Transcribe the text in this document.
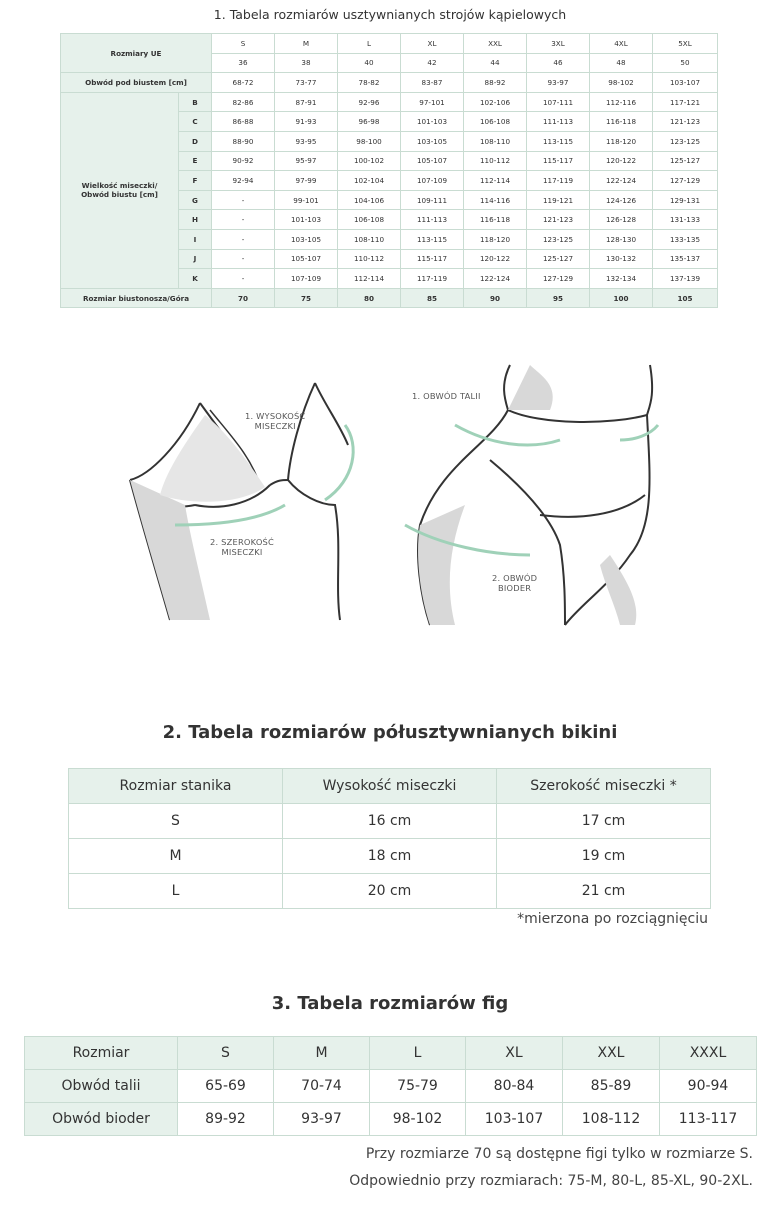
1. Tabela rozmiarów usztywnianych strojów kąpielowych
Rozmiary UE		S	M	L	XL	XXL	3XL	4XL	5XL
		36	38	40	42	44	46	48	50
Obwód pod biustem [cm]		68-72	73-77	78-82	83-87	88-92	93-97	98-102	103-107

Wielkość miseczki/
Obwód biustu [cm]	B	82-86	87-91	92-96	97-101	102-106	107-111	112-116	117-121
	C	86-88	91-93	96-98	101-103	106-108	111-113	116-118	121-123
	D	88-90	93-95	98-100	103-105	108-110	113-115	118-120	123-125
	E	90-92	95-97	100-102	105-107	110-112	115-117	120-122	125-127
	F	92-94	97-99	102-104	107-109	112-114	117-119	122-124	127-129
	G	-	99-101	104-106	109-111	114-116	119-121	124-126	129-131
	H	-	101-103	106-108	111-113	116-118	121-123	126-128	131-133
	I	-	103-105	108-110	113-115	118-120	123-125	128-130	133-135
	J	-	105-107	110-112	115-117	120-122	125-127	130-132	135-137
	K	-	107-109	112-114	117-119	122-124	127-129	132-134	137-139
Rozmiar biustonosza/Góra		70	75	80	85	90	95	100	105
1. WYSOKOŚĆ
MISECZKI
2. SZEROKOŚĆ
MISECZKI
1. OBWÓD TALII
2. OBWÓD
BIODER
2. Tabela rozmiarów półusztywnianych bikini
Rozmiar stanika	Wysokość miseczki	Szerokość miseczki *
S	16 cm	17 cm
M	18 cm	19 cm
L	20 cm	21 cm
*mierzona po rozciągnięciu
3. Tabela rozmiarów fig
Rozmiar	S	M	L	XL	XXL	XXXL
Obwód talii	65-69	70-74	75-79	80-84	85-89	90-94
Obwód bioder	89-92	93-97	98-102	103-107	108-112	113-117
Przy rozmiarze 70 są dostępne figi tylko w rozmiarze S.
Odpowiednio przy rozmiarach: 75-M, 80-L, 85-XL, 90-2XL.
